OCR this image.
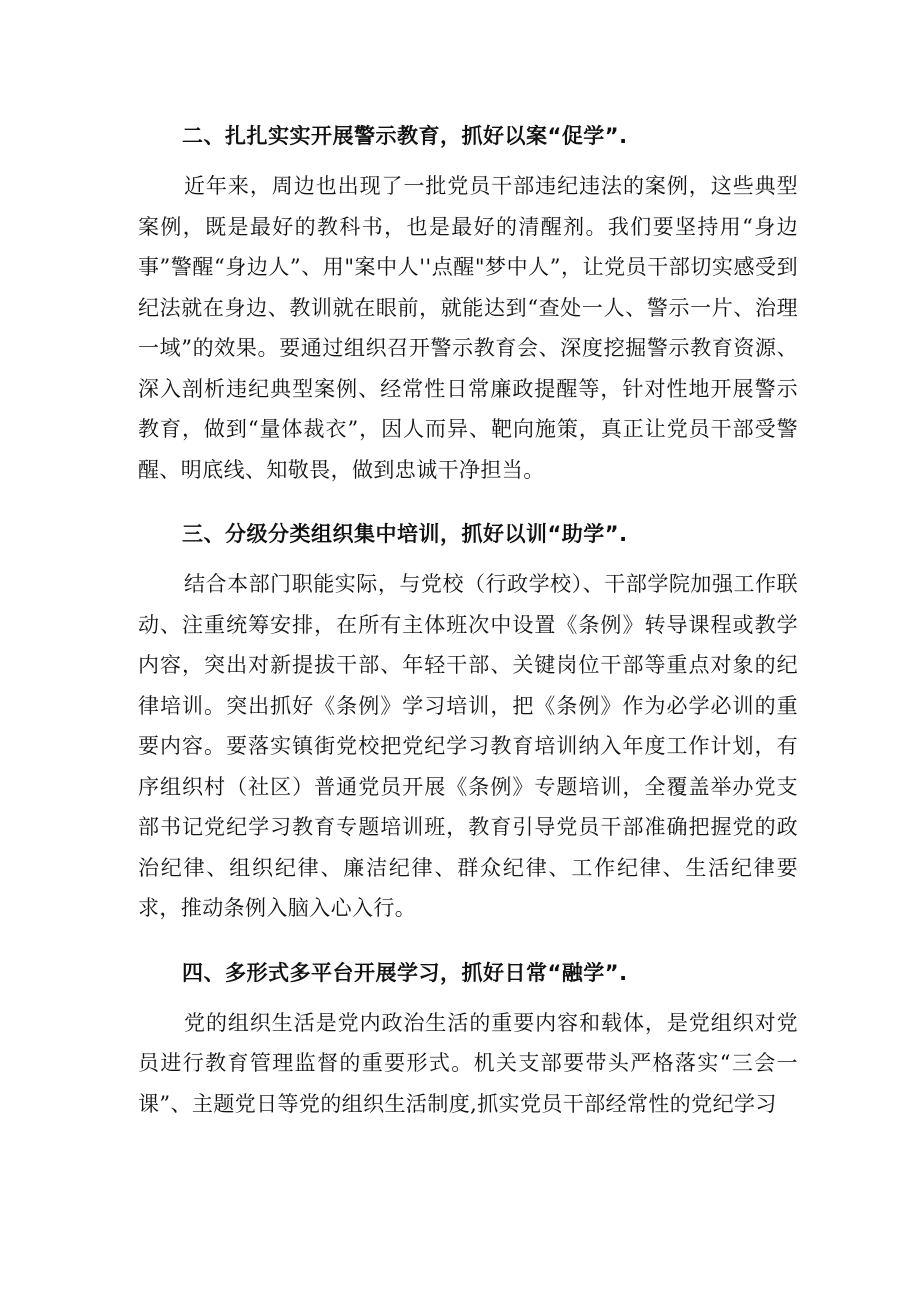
二、扎扎实实开展警示教育，抓好以案“促学”.

近年来，周边也出现了一批党员干部违纪违法的案例，这些典型案例，既是最好的教科书，也是最好的清醒剂。我们要坚持用“身边事”警醒“身边人”、用"案中人''点醒"梦中人”，让党员干部切实感受到纪法就在身边、教训就在眼前，就能达到“查处一人、警示一片、治理一域”的效果。要通过组织召开警示教育会、深度挖掘警示教育资源、深入剖析违纪典型案例、经常性日常廉政提醒等，针对性地开展警示教育，做到“量体裁衣”，因人而异、靶向施策，真正让党员干部受警醒、明底线、知敬畏，做到忠诚干净担当。

三、分级分类组织集中培训，抓好以训“助学”.

结合本部门职能实际，与党校（行政学校）、干部学院加强工作联动、注重统筹安排，在所有主体班次中设置《条例》转导课程或教学内容，突出对新提拔干部、年轻干部、关键岗位干部等重点对象的纪律培训。突出抓好《条例》学习培训，把《条例》作为必学必训的重要内容。要落实镇街党校把党纪学习教育培训纳入年度工作计划，有序组织村（社区）普通党员开展《条例》专题培训，全覆盖举办党支部书记党纪学习教育专题培训班，教育引导党员干部准确把握党的政治纪律、组织纪律、廉洁纪律、群众纪律、工作纪律、生活纪律要求，推动条例入脑入心入行。

四、多形式多平台开展学习，抓好日常“融学”.

党的组织生活是党内政治生活的重要内容和载体，是党组织对党员进行教育管理监督的重要形式。机关支部要带头严格落实“三会一课”、主题党日等党的组织生活制度,抓实党员干部经常性的党纪学习
